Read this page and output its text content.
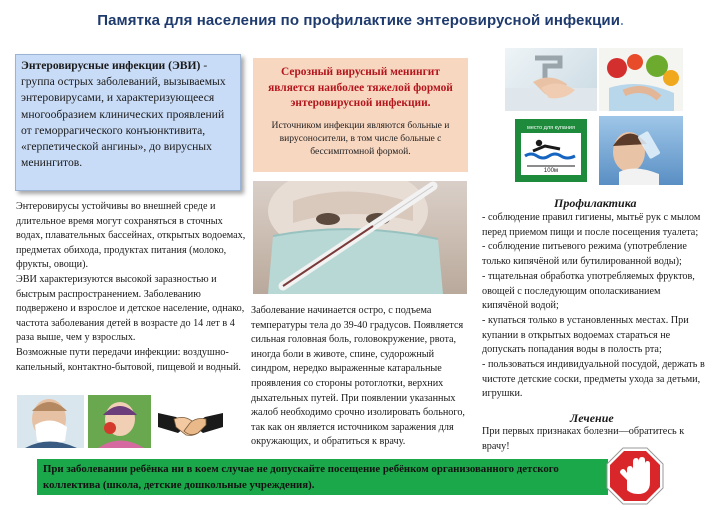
Памятка для населения по профилактике энтеровирусной инфекции.
Энтеровирусные инфекции (ЭВИ) - группа острых заболеваний, вызываемых энтеровирусами, и характеризующееся многообразием клинических проявлений от геморрагического конъюнктивита, «герпетической ангины», до вирусных менингитов.
Энтеровирусы устойчивы во внешней среде и длительное время могут сохраняться в сточных водах, плавательных бассейнах, открытых водоемах, предметах обихода, продуктах питания (молоко, фрукты, овощи).
ЭВИ характеризуются высокой заразностью и быстрым распространением. Заболеванию подвержено и взрослое и детское население, однако, частота заболевания детей в возрасте до 14 лет в 4 раза выше, чем у взрослых.
Возможные пути передачи инфекции: воздушно-капельный, контактно-бытовой, пищевой и водный.
Серозный вирусный менингит является наиболее тяжелой формой энтеровирусной инфекции.
Источником инфекции являются больные и вирусоносители, в том числе больные с бессимптомной формой.
Заболевание начинается остро, с подъема температуры тела до 39-40 градусов. Появляется сильная головная боль, головокружение, рвота, иногда боли в животе, спине, судорожный синдром, нередко выраженные катаральные проявления со стороны ротоглотки, верхних дыхательных путей. При появлении указанных жалоб необходимо срочно изолировать больного, так как он является источником заражения для окружающих, и обратиться к врачу.
место для купания
100м
Профилактика
- соблюдение правил гигиены, мытьё рук с мылом перед приемом пищи и после посещения туалета;
- соблюдение питьевого режима (употребление только кипячёной или бутилированной воды);
- тщательная обработка употребляемых фруктов, овощей с последующим ополаскиванием кипячёной водой;
- купаться только в установленных местах. При купании в открытых водоемах стараться не допускать попадания воды в полость рта;
- пользоваться индивидуальной посудой, держать в чистоте детские соски, предметы ухода за детьми, игрушки.
Лечение
При первых признаках болезни—обратитесь к врачу!
При заболевании ребёнка ни в коем случае не допускайте посещение ребёнком организованного детского коллектива (школа, детские дошкольные учреждения).
